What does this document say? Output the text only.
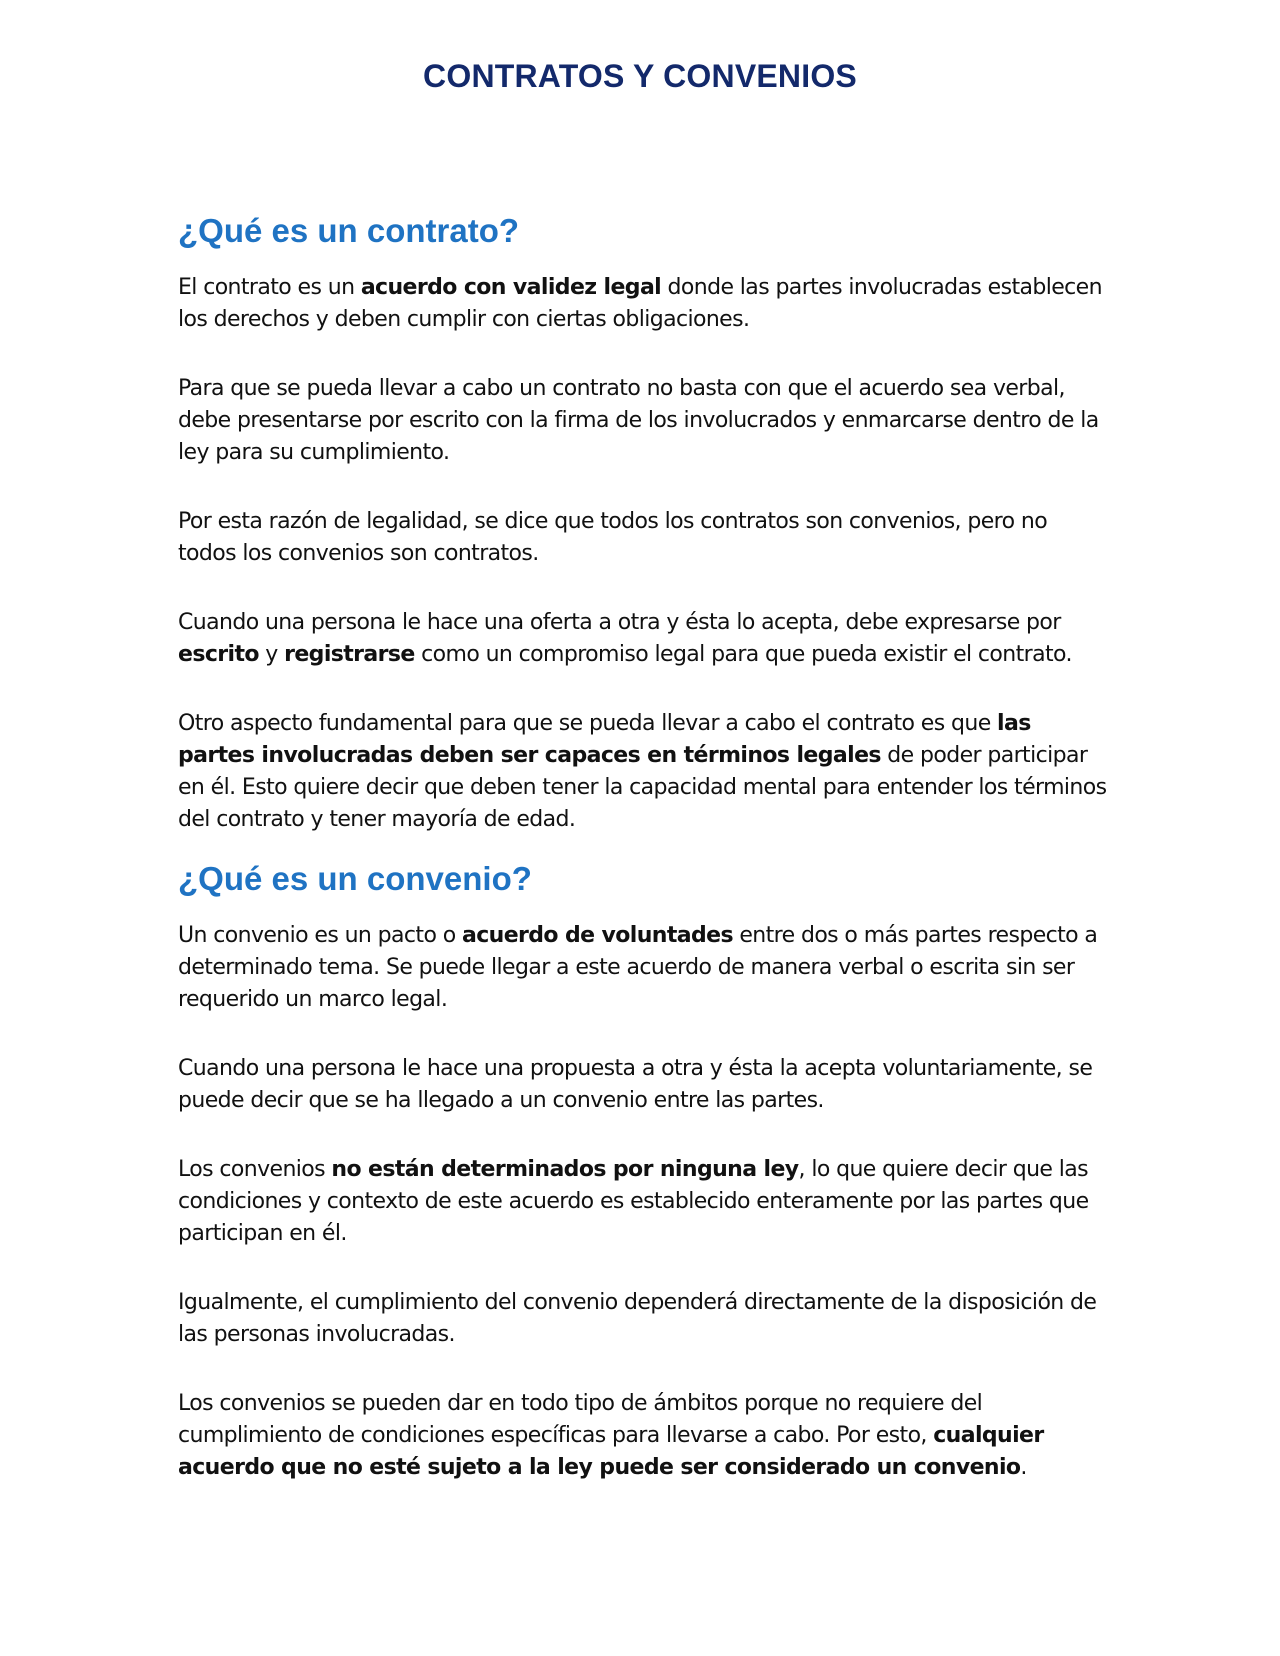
CONTRATOS Y CONVENIOS
¿Qué es un contrato?

El contrato es un acuerdo con validez legal donde las partes involucradas establecen los derechos y deben cumplir con ciertas obligaciones.

Para que se pueda llevar a cabo un contrato no basta con que el acuerdo sea verbal, debe presentarse por escrito con la firma de los involucrados y enmarcarse dentro de la ley para su cumplimiento.

Por esta razón de legalidad, se dice que todos los contratos son convenios, pero no todos los convenios son contratos.

Cuando una persona le hace una oferta a otra y ésta lo acepta, debe expresarse por escrito y registrarse como un compromiso legal para que pueda existir el contrato.

Otro aspecto fundamental para que se pueda llevar a cabo el contrato es que las partes involucradas deben ser capaces en términos legales de poder participar en él. Esto quiere decir que deben tener la capacidad mental para entender los términos del contrato y tener mayoría de edad.

¿Qué es un convenio?

Un convenio es un pacto o acuerdo de voluntades entre dos o más partes respecto a determinado tema. Se puede llegar a este acuerdo de manera verbal o escrita sin ser requerido un marco legal.

Cuando una persona le hace una propuesta a otra y ésta la acepta voluntariamente, se puede decir que se ha llegado a un convenio entre las partes.

Los convenios no están determinados por ninguna ley, lo que quiere decir que las condiciones y contexto de este acuerdo es establecido enteramente por las partes que participan en él.

Igualmente, el cumplimiento del convenio dependerá directamente de la disposición de las personas involucradas.

Los convenios se pueden dar en todo tipo de ámbitos porque no requiere del cumplimiento de condiciones específicas para llevarse a cabo. Por esto, cualquier acuerdo que no esté sujeto a la ley puede ser considerado un convenio.
